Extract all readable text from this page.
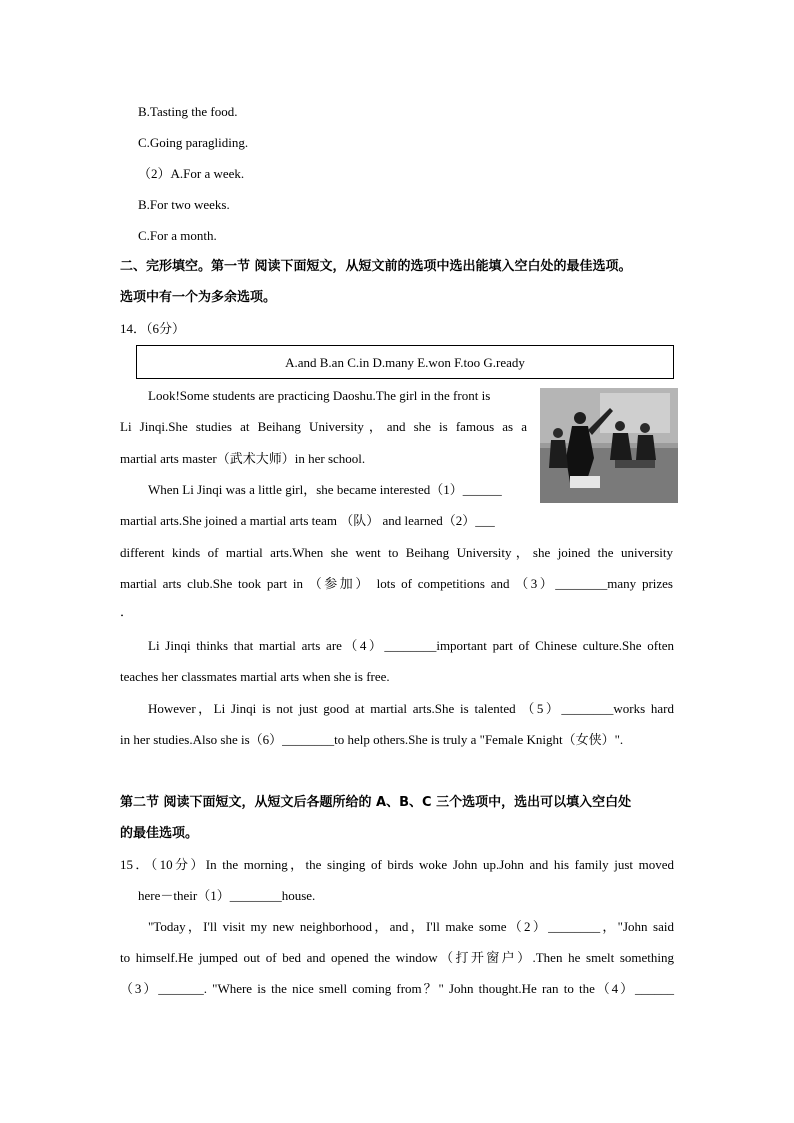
B.Tasting the food.
C.Going paragliding.
（2）A.For a week.
B.For two weeks.
C.For a month.
二、完形填空。第一节 阅读下面短文，从短文前的选项中选出能填入空白处的最佳选项。
选项中有一个为多余选项。
14．（6分）
A.and B.an C.in D.many E.won F.too G.ready
Look!Some students are practicing Daoshu.The girl in the front is
Li Jinqi.She studies at Beihang University，and she is famous as a
martial arts master（武术大师）in her school.
When Li Jinqi was a little girl，she became interested（1）______
martial arts.She joined a martial arts team （队） and learned（2）___
different kinds of martial arts.When she went to Beihang University，she joined the university
martial arts club.She took part in （参加） lots of competitions and （3）________many prizes
．
Li Jinqi thinks that martial arts are（4）________important part of Chinese culture.She often
teaches her classmates martial arts when she is free.
However，Li Jinqi is not just good at martial arts.She is talented （5）________works hard
in her studies.Also she is（6）________to help others.She is truly a "Female Knight（女侠）".
第二节 阅读下面短文，从短文后各题所给的 A、B、C 三个选项中，选出可以填入空白处
的最佳选项。
15．（10分）In the morning，the singing of birds woke John up.John and his family just moved
here－their（1）________house.
"Today，I'll visit my new neighborhood，and，I'll make some（2）________，"John said
to himself.He jumped out of bed and opened the window（打开窗户）.Then he smelt something
（3）_______. "Where is the nice smell coming from？" John thought.He ran to the（4）______
